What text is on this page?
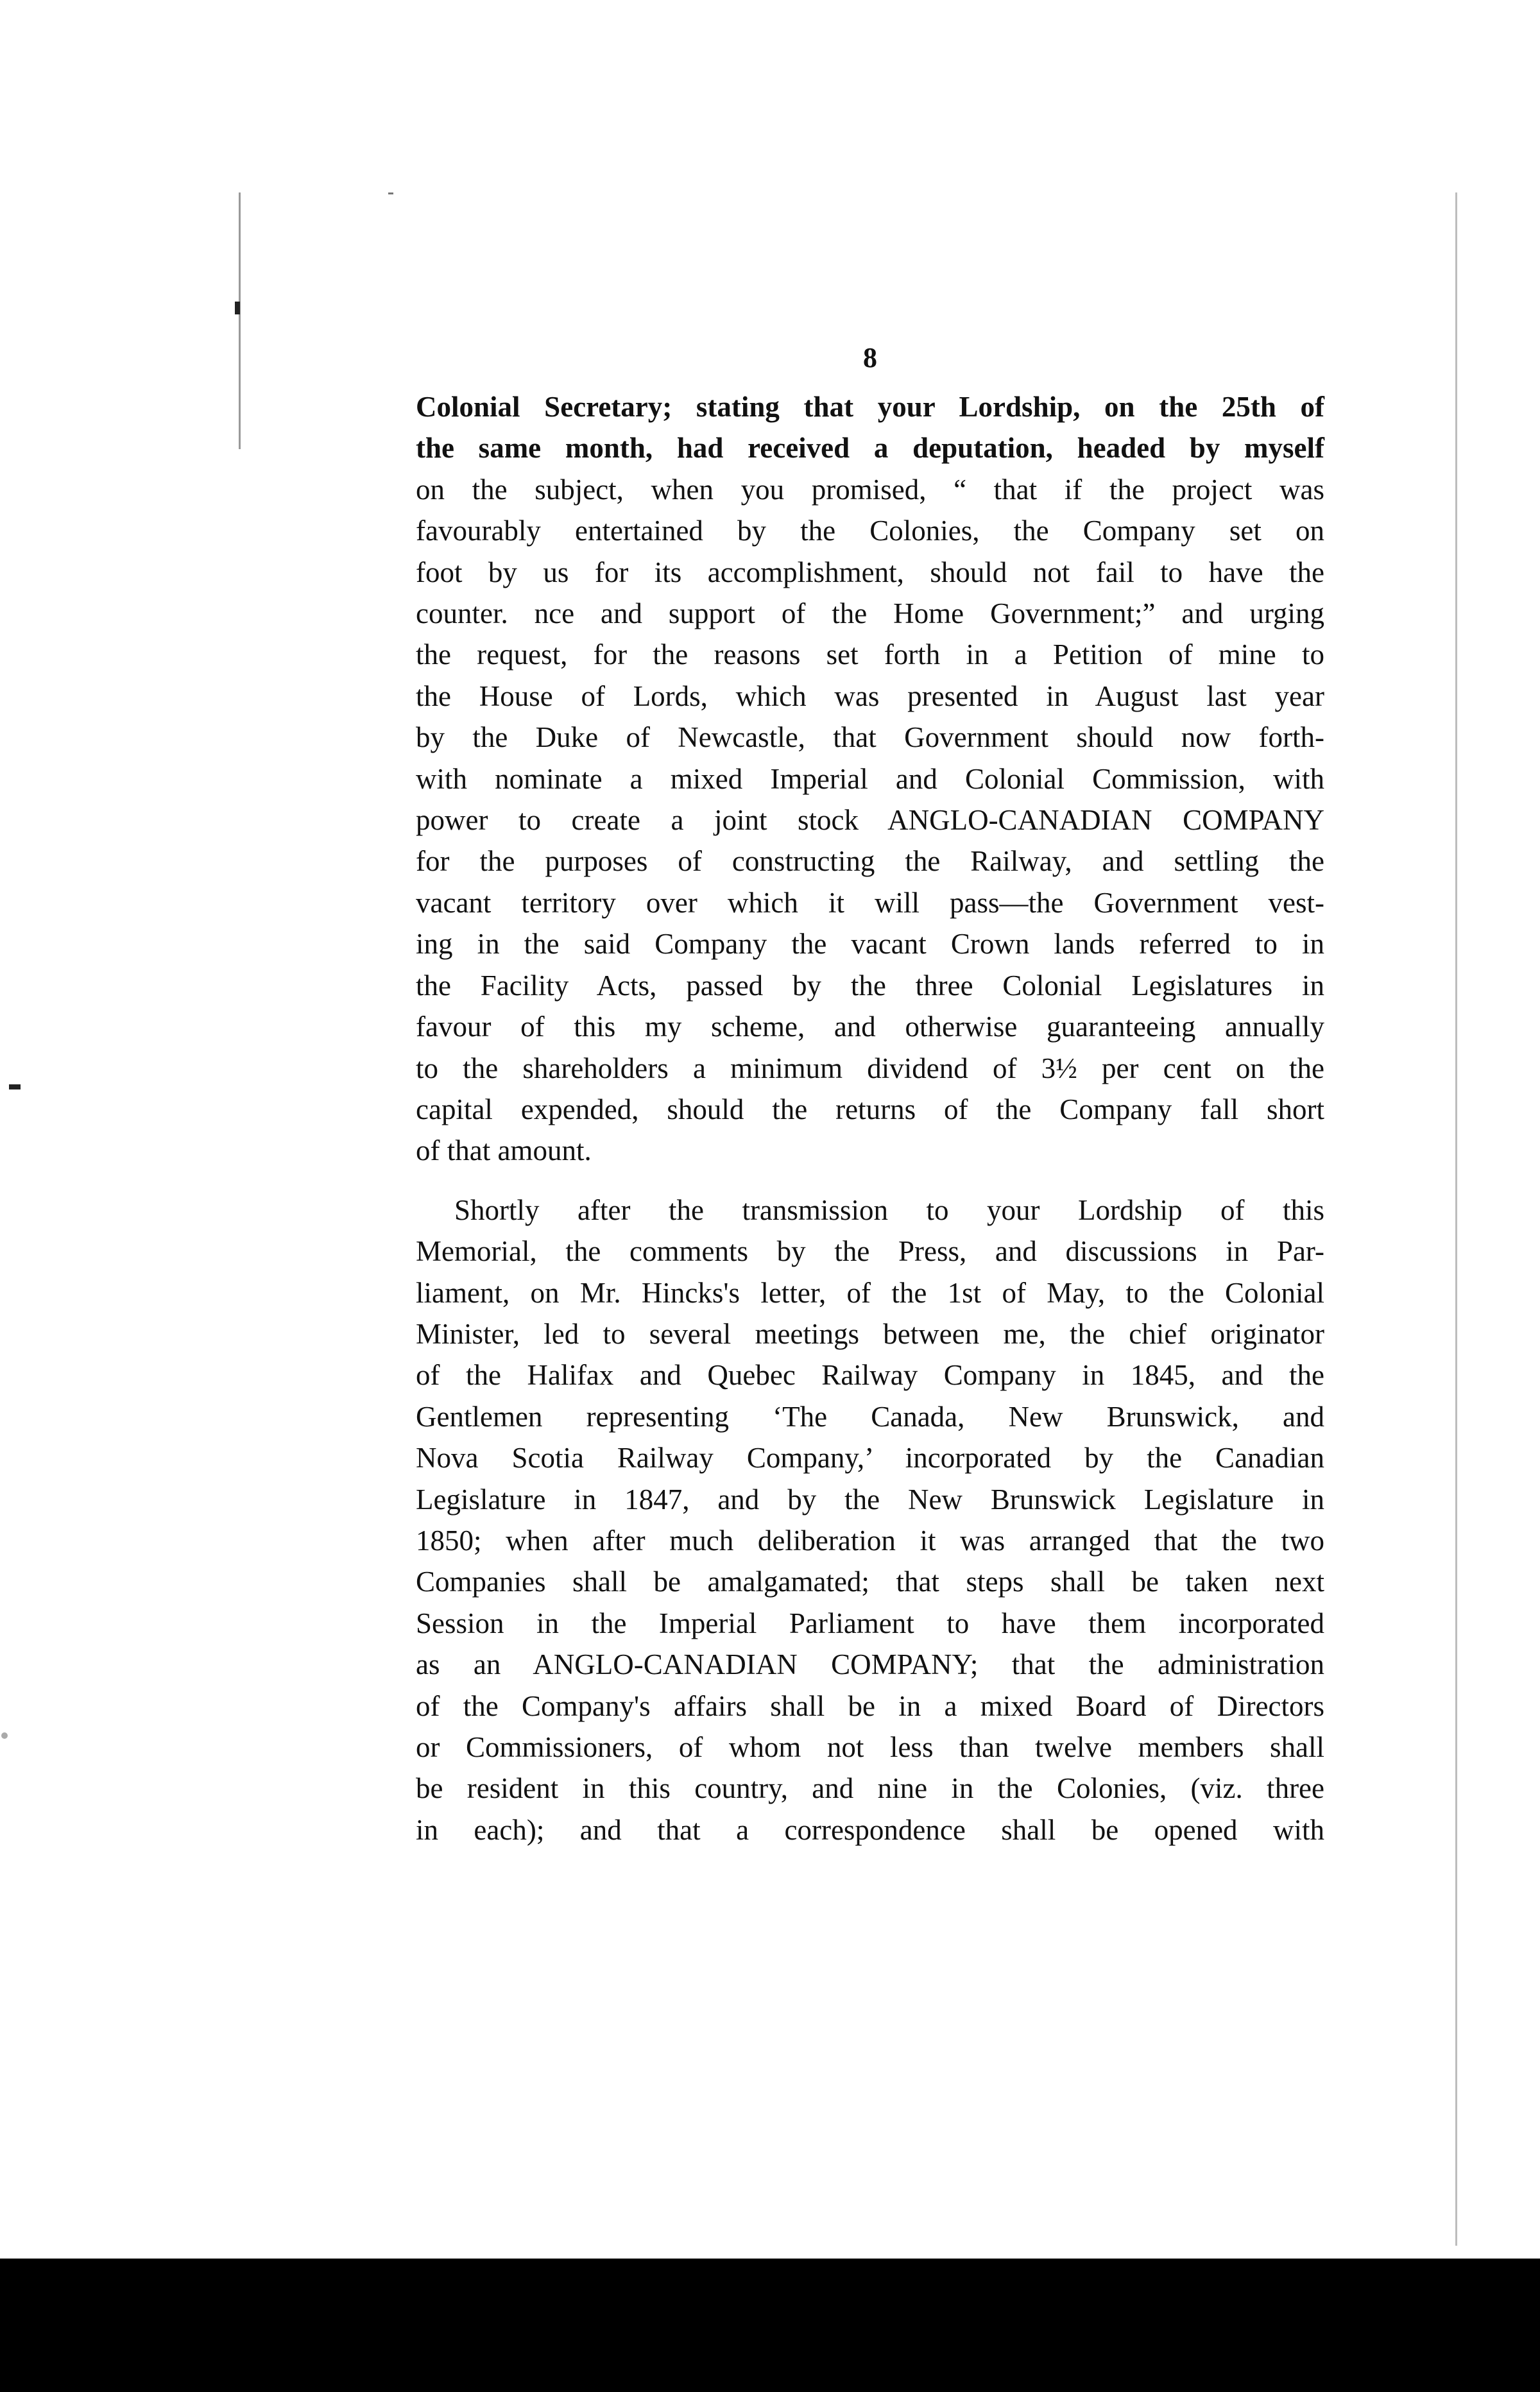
8

Colonial Secretary; stating that your Lordship, on the 25th of
the same month, had received a deputation, headed by myself
on the subject, when you promised, “ that if the project was
favourably entertained by the Colonies, the Company set on
foot by us for its accomplishment, should not fail to have the
counter. nce and support of the Home Government;” and urging
the request, for the reasons set forth in a Petition of mine to
the House of Lords, which was presented in August last year
by the Duke of Newcastle, that Government should now forth-
with nominate a mixed Imperial and Colonial Commission, with
power to create a joint stock ANGLO-CANADIAN COMPANY
for the purposes of constructing the Railway, and settling the
vacant territory over which it will pass—the Government vest-
ing in the said Company the vacant Crown lands referred to in
the Facility Acts, passed by the three Colonial Legislatures in
favour of this my scheme, and otherwise guaranteeing annually
to the shareholders a minimum dividend of 3½ per cent on the
capital expended, should the returns of the Company fall short
of that amount.

Shortly after the transmission to your Lordship of this
Memorial, the comments by the Press, and discussions in Par-
liament, on Mr. Hincks's letter, of the 1st of May, to the Colonial
Minister, led to several meetings between me, the chief originator
of the Halifax and Quebec Railway Company in 1845, and the
Gentlemen representing ‘The Canada, New Brunswick, and
Nova Scotia Railway Company,’ incorporated by the Canadian
Legislature in 1847, and by the New Brunswick Legislature in
1850; when after much deliberation it was arranged that the two
Companies shall be amalgamated; that steps shall be taken next
Session in the Imperial Parliament to have them incorporated
as an ANGLO-CANADIAN COMPANY; that the administration
of the Company's affairs shall be in a mixed Board of Directors
or Commissioners, of whom not less than twelve members shall
be resident in this country, and nine in the Colonies, (viz. three
in each); and that a correspondence shall be opened with
